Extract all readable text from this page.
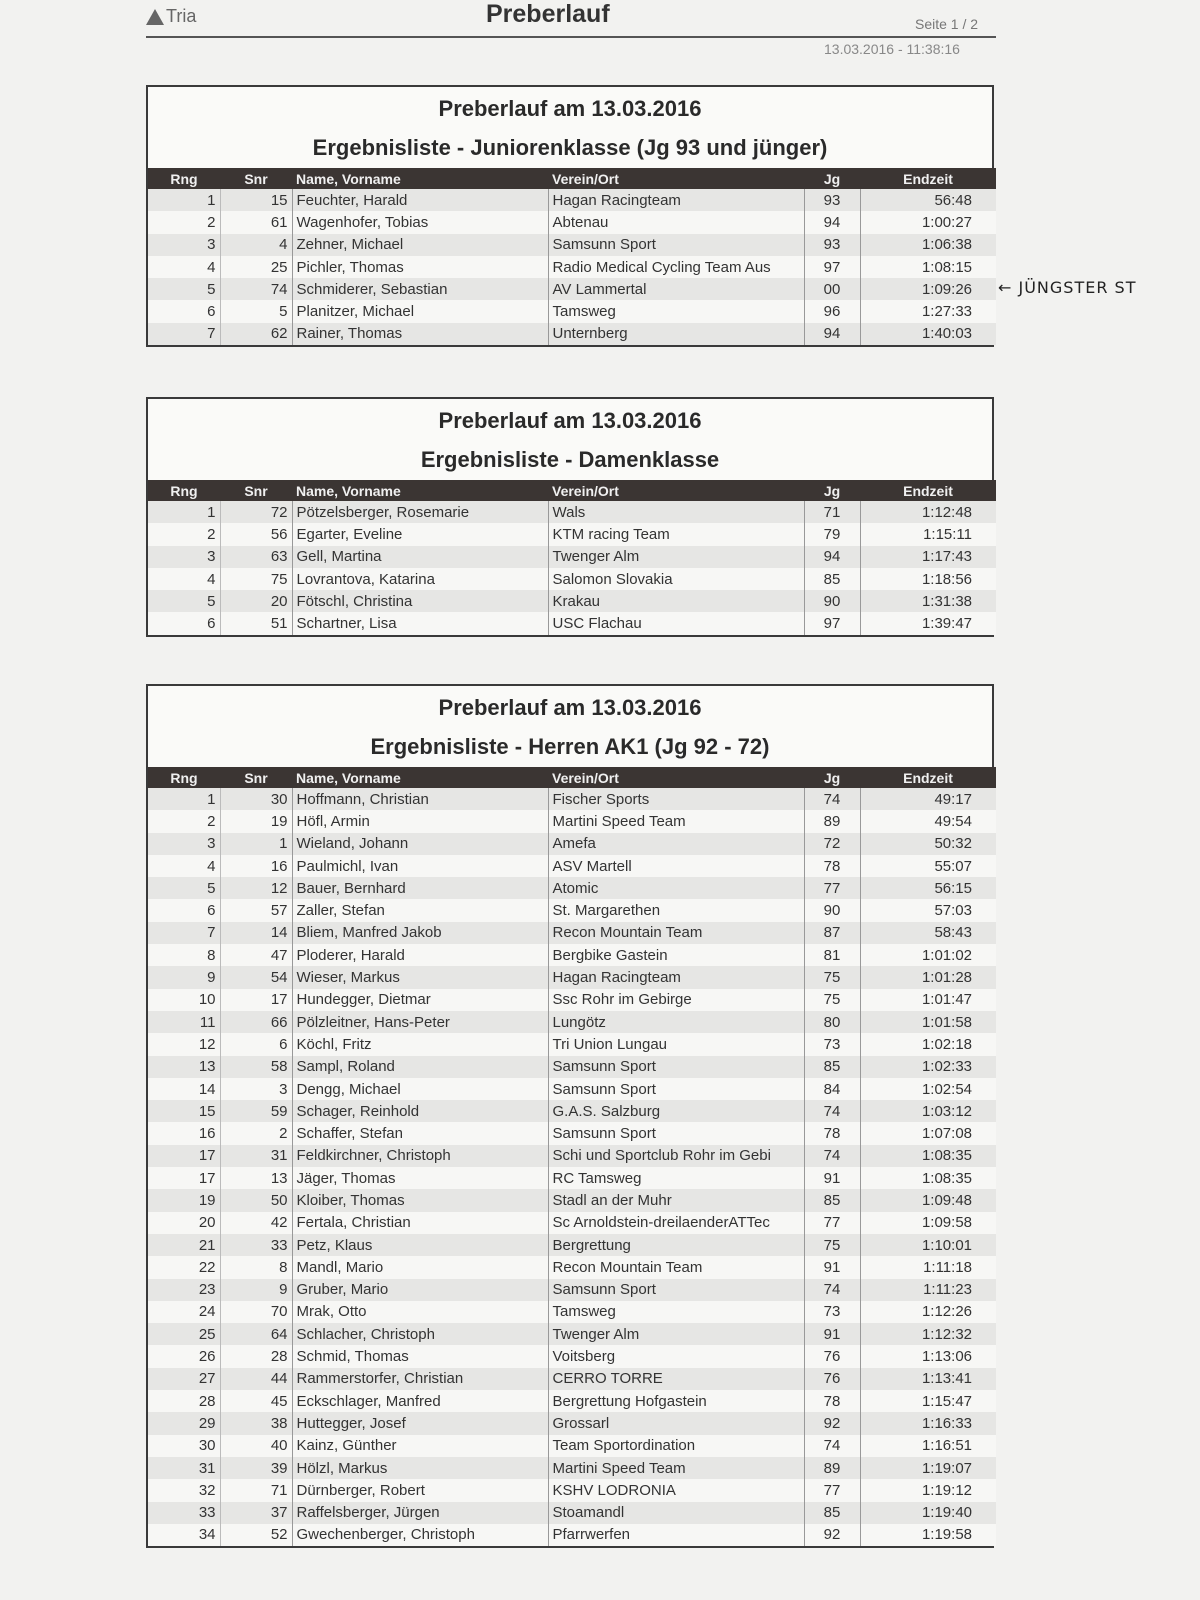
Tria	Preberlauf	Seite 1 / 2
13.03.2016 - 11:38:16
← JÜNGSTER ST
Preberlauf am 13.03.2016
Ergebnisliste - Juniorenklasse (Jg 93 und jünger)
Rng	Snr	Name, Vorname	Verein/Ort	Jg	Endzeit
1	15	Feuchter, Harald	Hagan Racingteam	93	56:48
2	61	Wagenhofer, Tobias	Abtenau	94	1:00:27
3	4	Zehner, Michael	Samsunn Sport	93	1:06:38
4	25	Pichler, Thomas	Radio Medical Cycling Team Aus	97	1:08:15
5	74	Schmiderer, Sebastian	AV Lammertal	00	1:09:26
6	5	Planitzer, Michael	Tamsweg	96	1:27:33
7	62	Rainer, Thomas	Unternberg	94	1:40:03
Preberlauf am 13.03.2016
Ergebnisliste - Damenklasse
Rng	Snr	Name, Vorname	Verein/Ort	Jg	Endzeit
1	72	Pötzelsberger, Rosemarie	Wals	71	1:12:48
2	56	Egarter, Eveline	KTM racing Team	79	1:15:11
3	63	Gell, Martina	Twenger Alm	94	1:17:43
4	75	Lovrantova, Katarina	Salomon Slovakia	85	1:18:56
5	20	Fötschl, Christina	Krakau	90	1:31:38
6	51	Schartner, Lisa	USC Flachau	97	1:39:47
Preberlauf am 13.03.2016
Ergebnisliste - Herren AK1 (Jg 92 - 72)
Rng	Snr	Name, Vorname	Verein/Ort	Jg	Endzeit
1	30	Hoffmann, Christian	Fischer Sports	74	49:17
2	19	Höfl, Armin	Martini Speed Team	89	49:54
3	1	Wieland, Johann	Amefa	72	50:32
4	16	Paulmichl, Ivan	ASV Martell	78	55:07
5	12	Bauer, Bernhard	Atomic	77	56:15
6	57	Zaller, Stefan	St. Margarethen	90	57:03
7	14	Bliem, Manfred Jakob	Recon Mountain Team	87	58:43
8	47	Ploderer, Harald	Bergbike Gastein	81	1:01:02
9	54	Wieser, Markus	Hagan Racingteam	75	1:01:28
10	17	Hundegger, Dietmar	Ssc Rohr im Gebirge	75	1:01:47
11	66	Pölzleitner, Hans-Peter	Lungötz	80	1:01:58
12	6	Köchl, Fritz	Tri Union Lungau	73	1:02:18
13	58	Sampl, Roland	Samsunn Sport	85	1:02:33
14	3	Dengg, Michael	Samsunn Sport	84	1:02:54
15	59	Schager, Reinhold	G.A.S. Salzburg	74	1:03:12
16	2	Schaffer, Stefan	Samsunn Sport	78	1:07:08
17	31	Feldkirchner, Christoph	Schi und Sportclub Rohr im Gebi	74	1:08:35
17	13	Jäger, Thomas	RC Tamsweg	91	1:08:35
19	50	Kloiber, Thomas	Stadl an der Muhr	85	1:09:48
20	42	Fertala, Christian	Sc Arnoldstein-dreilaenderATTec	77	1:09:58
21	33	Petz, Klaus	Bergrettung	75	1:10:01
22	8	Mandl, Mario	Recon Mountain Team	91	1:11:18
23	9	Gruber, Mario	Samsunn Sport	74	1:11:23
24	70	Mrak, Otto	Tamsweg	73	1:12:26
25	64	Schlacher, Christoph	Twenger Alm	91	1:12:32
26	28	Schmid, Thomas	Voitsberg	76	1:13:06
27	44	Rammerstorfer, Christian	CERRO TORRE	76	1:13:41
28	45	Eckschlager, Manfred	Bergrettung Hofgastein	78	1:15:47
29	38	Huttegger, Josef	Grossarl	92	1:16:33
30	40	Kainz, Günther	Team Sportordination	74	1:16:51
31	39	Hölzl, Markus	Martini Speed Team	89	1:19:07
32	71	Dürnberger, Robert	KSHV LODRONIA	77	1:19:12
33	37	Raffelsberger, Jürgen	Stoamandl	85	1:19:40
34	52	Gwechenberger, Christoph	Pfarrwerfen	92	1:19:58
